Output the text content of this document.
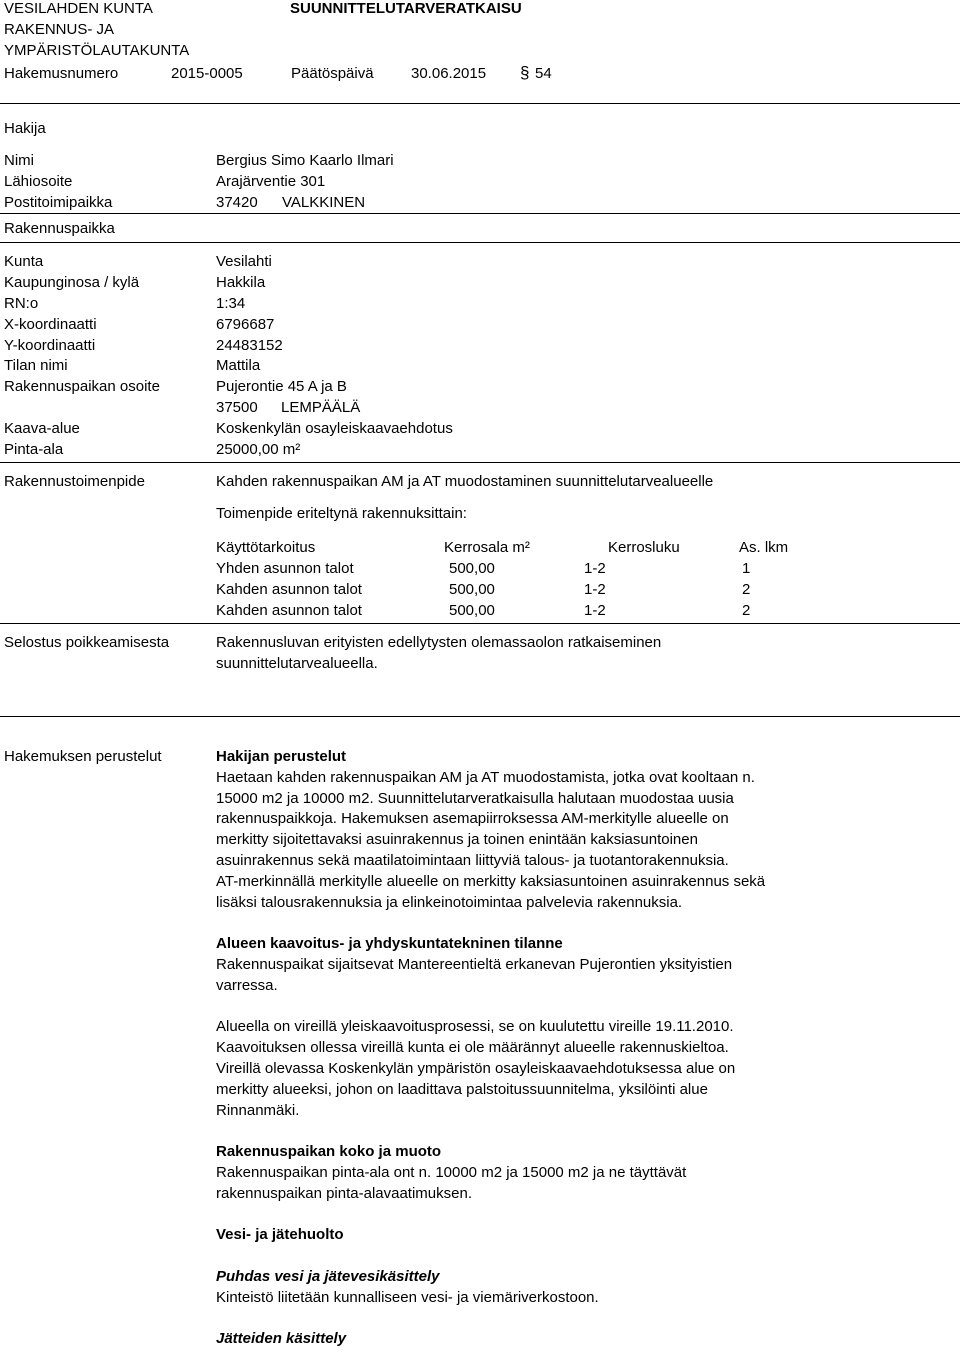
VESILAHDEN KUNTA
RAKENNUS- JA
YMPÄRISTÖLAUTAKUNTA
SUUNNITTELUTARVERATKAISU
Hakemusnumero	2015-0005	Päätöspäivä 30.06.2015 § 54
Hakija
Nimi	Bergius Simo Kaarlo Ilmari
Lähiosoite	Arajärventie 301
Postitoimipaikka	37420 VALKKINEN
Rakennuspaikka
Kunta	Vesilahti
Kaupunginosa / kylä	Hakkila
RN:o	1:34
X-koordinaatti	6796687
Y-koordinaatti	24483152
Tilan nimi	Mattila
Rakennuspaikan osoite	Pujerontie 45 A ja B
37500 LEMPÄÄLÄ
Kaava-alue	Koskenkylän osayleiskaavaehdotus
Pinta-ala	25000,00 m²
Rakennustoimenpide	Kahden rakennuspaikan AM ja AT muodostaminen suunnittelutarvealueelle
Toimenpide eriteltynä rakennuksittain:
Käyttötarkoitus	Kerrosala m²	Kerrosluku	As. lkm
Yhden asunnon talot	500,00	1-2	1
Kahden asunnon talot	500,00	1-2	2
Kahden asunnon talot	500,00	1-2	2
Selostus poikkeamisesta	Rakennusluvan erityisten edellytysten olemassaolon ratkaiseminen
suunnittelutarvealueella.
Hakemuksen perustelut	Hakijan perustelut

Haetaan kahden rakennuspaikan AM ja AT muodostamista, jotka ovat kooltaan n.

15000 m2 ja 10000 m2. Suunnittelutarveratkaisulla halutaan muodostaa uusia

rakennuspaikkoja. Hakemuksen asemapiirroksessa AM-merkitylle alueelle on

merkitty sijoitettavaksi asuinrakennus ja toinen enintään kaksiasuntoinen

asuinrakennus sekä maatilatoimintaan liittyviä talous- ja tuotantorakennuksia.

AT-merkinnällä merkitylle alueelle on merkitty kaksiasuntoinen asuinrakennus sekä

lisäksi talousrakennuksia ja elinkeinotoimintaa palvelevia rakennuksia.

Alueen kaavoitus- ja yhdyskuntatekninen tilanne

Rakennuspaikat sijaitsevat Mantereentieltä erkanevan Pujerontien yksityistien

varressa.

Alueella on vireillä yleiskaavoitusprosessi, se on kuulutettu vireille 19.11.2010.

Kaavoituksen ollessa vireillä kunta ei ole määrännyt alueelle rakennuskieltoa.

Vireillä olevassa Koskenkylän ympäristön osayleiskaavaehdotuksessa alue on

merkitty alueeksi, johon on laadittava palstoitussuunnitelma, yksilöinti alue

Rinnanmäki.

Rakennuspaikan koko ja muoto

Rakennuspaikan pinta-ala ont n. 10000 m2 ja 15000 m2 ja ne täyttävät

rakennuspaikan pinta-alavaatimuksen.

Vesi- ja jätehuolto

Puhdas vesi ja jätevesikäsittely

Kinteistö liitetään kunnalliseen vesi- ja viemäriverkostoon.

Jätteiden käsittely
